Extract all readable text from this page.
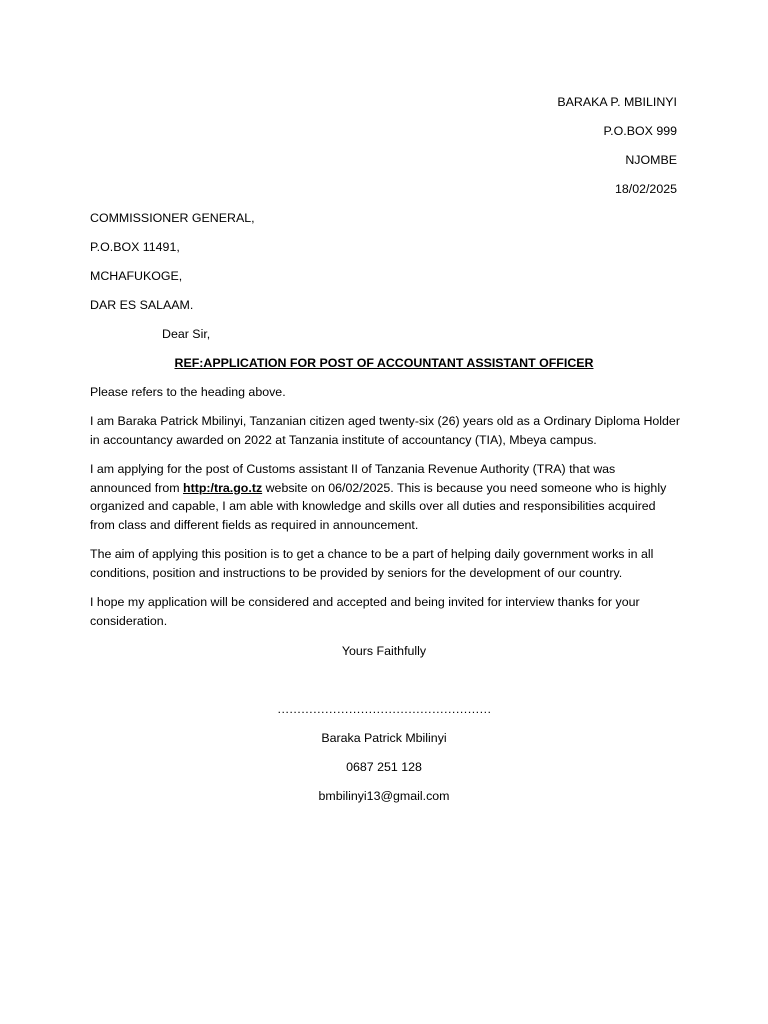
BARAKA P. MBILINYI
P.O.BOX 999
NJOMBE
18/02/2025
COMMISSIONER GENERAL,
P.O.BOX 11491,
MCHAFUKOGE,
DAR ES SALAAM.
Dear Sir,
REF:APPLICATION FOR POST OF ACCOUNTANT ASSISTANT OFFICER
Please refers to the heading above.
I am Baraka Patrick Mbilinyi, Tanzanian citizen aged twenty-six (26) years old as a Ordinary Diploma Holder in accountancy awarded on 2022 at Tanzania institute of accountancy (TIA), Mbeya campus.
I am applying for the post of Customs assistant II of Tanzania Revenue Authority (TRA) that was announced from http:/tra.go.tz website on 06/02/2025. This is because you need someone who is highly organized and capable, I am able with knowledge and skills over all duties and responsibilities acquired from class and different fields as required in announcement.
The aim of applying this position is to get a chance to be a part of helping daily government works in all conditions, position and instructions to be provided by seniors for the development of our country.
I hope my application will be considered and accepted and being invited for interview thanks for your consideration.
Yours Faithfully
………………………………………………
Baraka Patrick Mbilinyi
0687 251 128
bmbilinyi13@gmail.com
